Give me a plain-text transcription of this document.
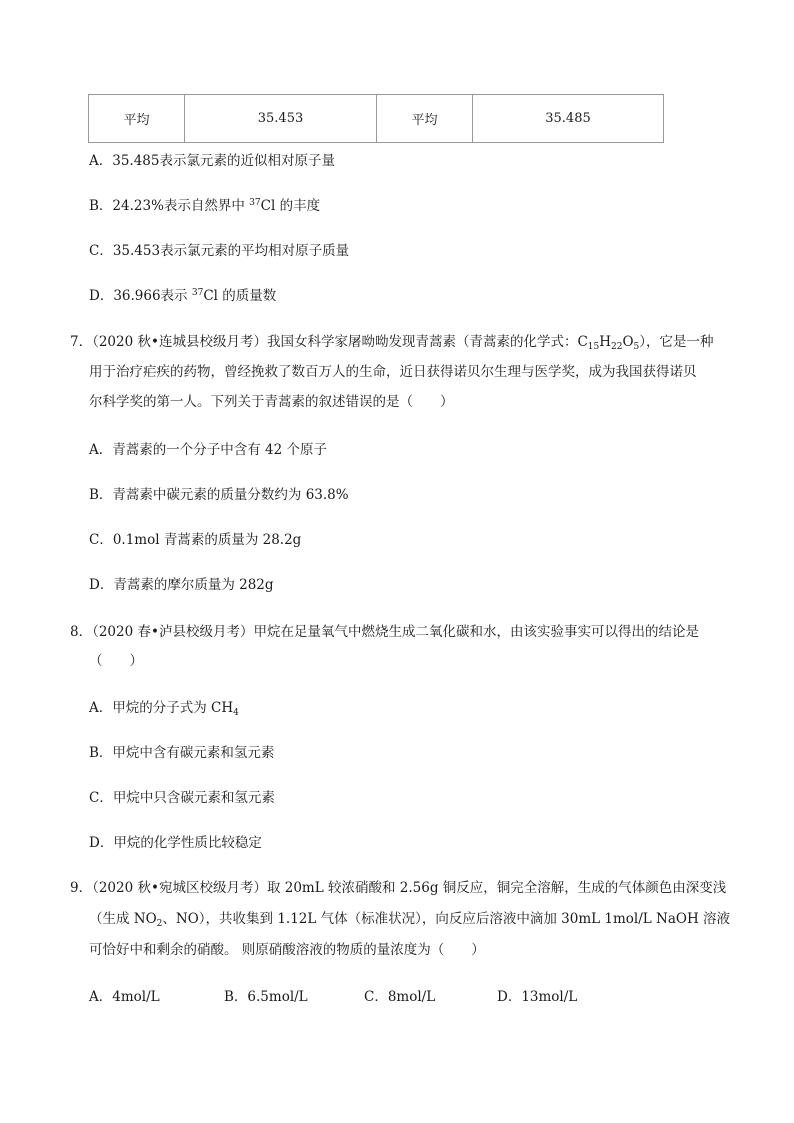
平均	35.453	平均	35.485
A．35.485表示氯元素的近似相对原子量
B．24.23%表示自然界中 $^{37}$Cl 的丰度
C．35.453表示氯元素的平均相对原子质量
D．36.966表示 $^{37}$Cl 的质量数
7．（2020 秋•连城县校级月考）我国女科学家屠呦呦发现青蒿素（青蒿素的化学式：$C_{15}H_{22}O_5$），它是一种
用于治疗疟疾的药物，曾经挽救了数百万人的生命，近日获得诺贝尔生理与医学奖，成为我国获得诺贝
尔科学奖的第一人。下列关于青蒿素的叙述错误的是（　　）
A．青蒿素的一个分子中含有 42 个原子
B．青蒿素中碳元素的质量分数约为 63.8%
C．0.1mol 青蒿素的质量为 28.2g
D．青蒿素的摩尔质量为 282g
8．（2020 春•泸县校级月考）甲烷在足量氧气中燃烧生成二氧化碳和水，由该实验事实可以得出的结论是
（　　）
A．甲烷的分子式为 $CH_4$
B．甲烷中含有碳元素和氢元素
C．甲烷中只含碳元素和氢元素
D．甲烷的化学性质比较稳定
9．（2020 秋•宛城区校级月考）取 20mL 较浓硝酸和 2.56g 铜反应，铜完全溶解，生成的气体颜色由深变浅
（生成 $NO_2$、NO），共收集到 1.12L 气体（标准状况），向反应后溶液中滴加 30mL 1mol/L NaOH 溶液
可恰好中和剩余的硝酸。 则原硝酸溶液的物质的量浓度为（　　）
A．4mol/L	B．6.5mol/L	C．8mol/L	D．13mol/L
